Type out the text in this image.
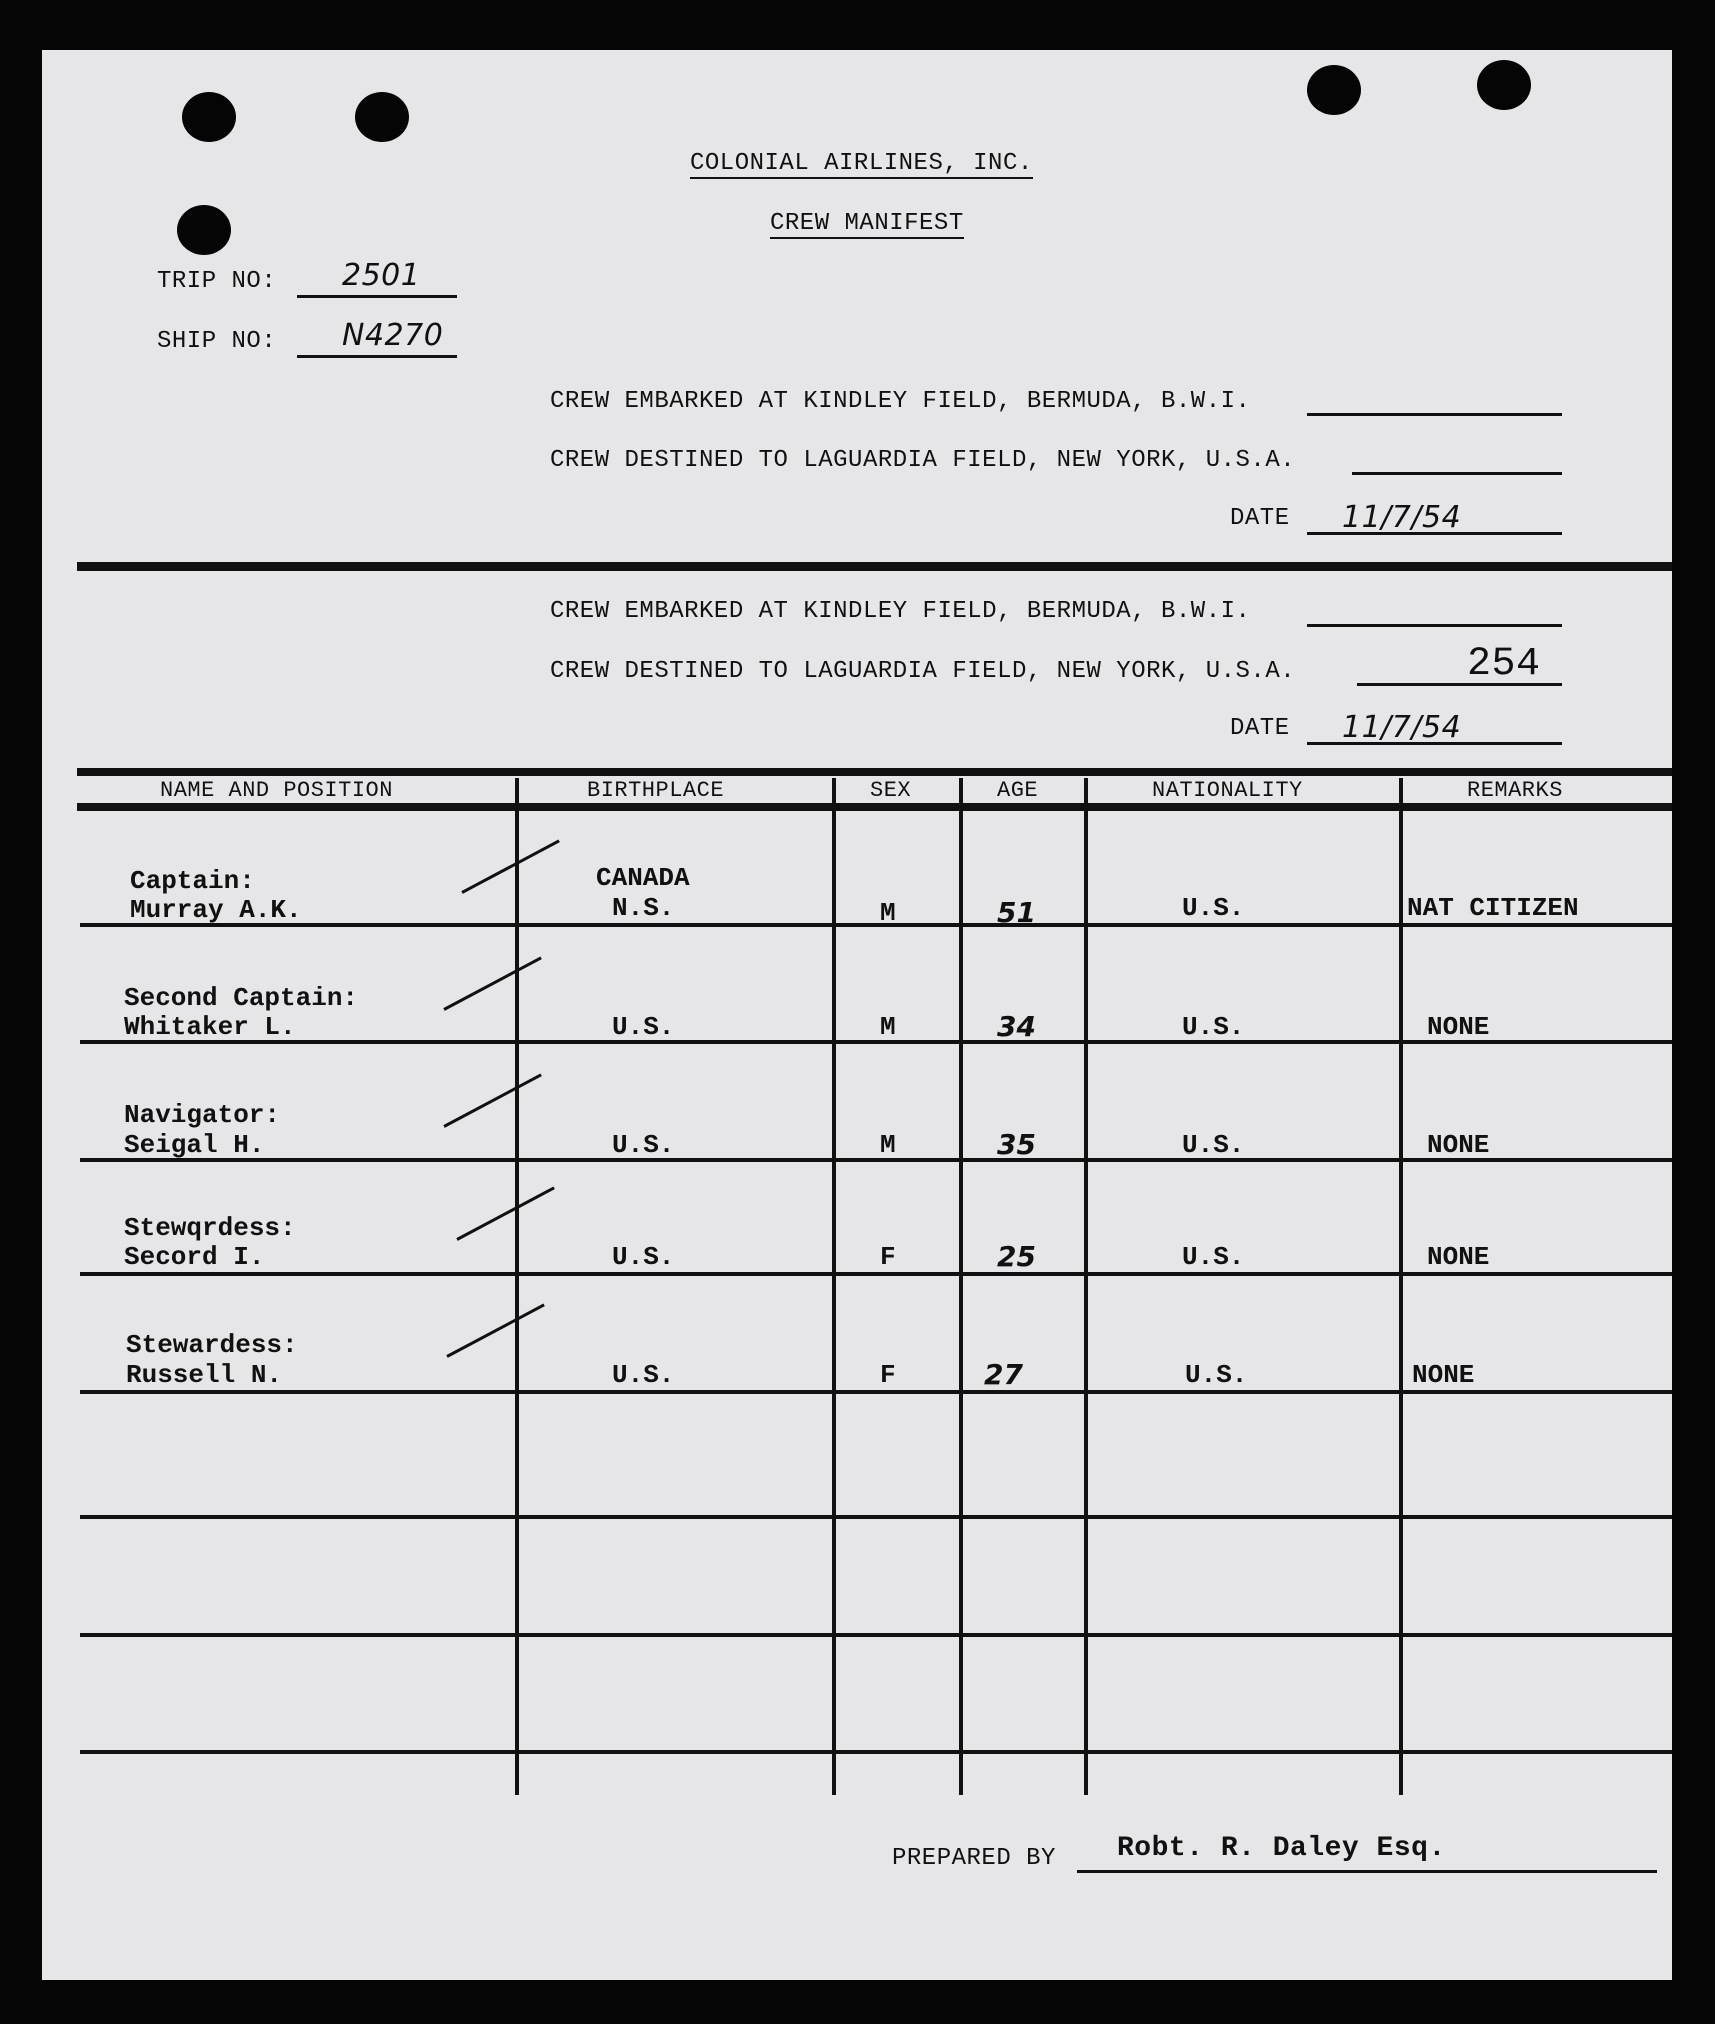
COLONIAL AIRLINES, INC.
CREW MANIFEST
TRIP NO: 2501
SHIP NO: N4270
CREW EMBARKED AT KINDLEY FIELD, BERMUDA, B.W.I.
CREW DESTINED TO LAGUARDIA FIELD, NEW YORK, U.S.A.
DATE 11/7/54
CREW EMBARKED AT KINDLEY FIELD, BERMUDA, B.W.I.
CREW DESTINED TO LAGUARDIA FIELD, NEW YORK, U.S.A.	254
DATE 11/7/54
NAME AND POSITION	BIRTHPLACE	SEX	AGE	NATIONALITY	REMARKS
Captain:
Murray A.K.
CANADA
N.S.	M	51	U.S.	NAT CITIZEN
Second Captain:
Whitaker L.	U.S.	M	34	U.S.	NONE
Navigator:
Seigal H.	U.S.	M	35	U.S.	NONE
Stewqrdess:
Secord I.	U.S.	F	25	U.S.	NONE
Stewardess:
Russell N.	U.S.	F	27	U.S.	NONE
PREPARED BY Robt. R. Daley Esq.
